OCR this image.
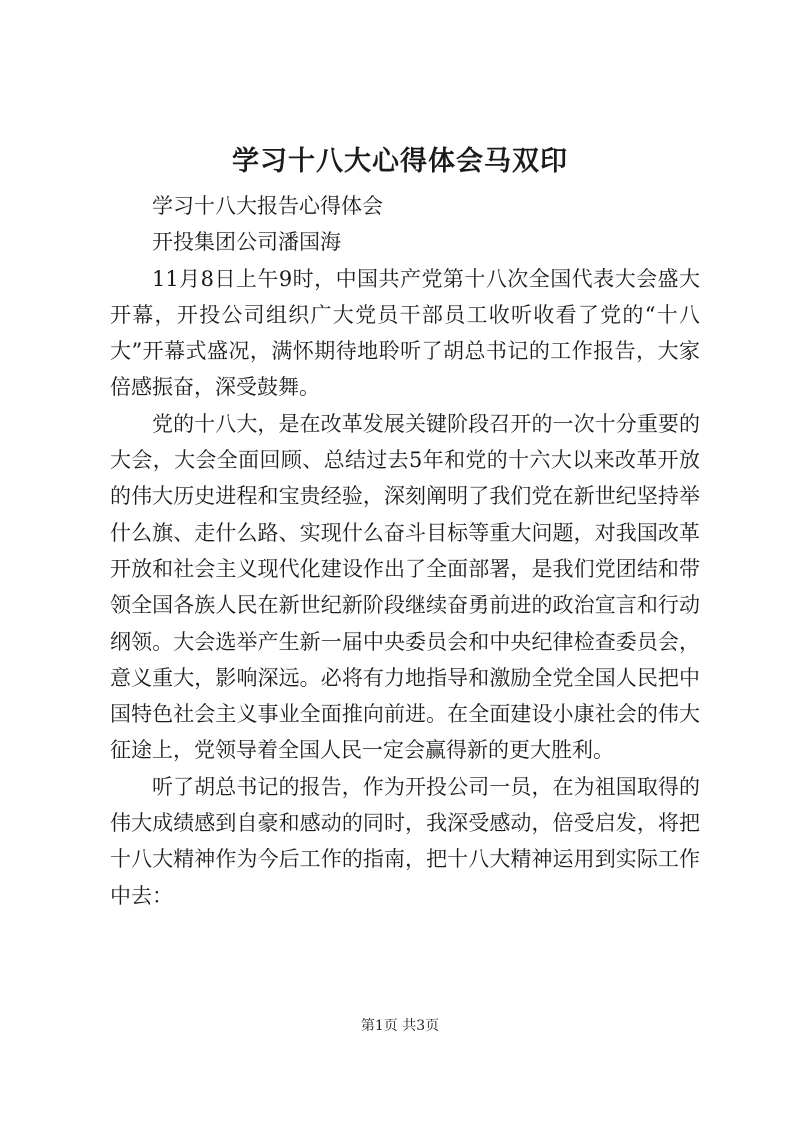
学习十八大心得体会马双印

学习十八大报告心得体会

开投集团公司潘国海

11月8日上午9时，中国共产党第十八次全国代表大会盛大开幕，开投公司组织广大党员干部员工收听收看了党的“十八大”开幕式盛况，满怀期待地聆听了胡总书记的工作报告，大家倍感振奋，深受鼓舞。

党的十八大，是在改革发展关键阶段召开的一次十分重要的大会，大会全面回顾、总结过去5年和党的十六大以来改革开放的伟大历史进程和宝贵经验，深刻阐明了我们党在新世纪坚持举什么旗、走什么路、实现什么奋斗目标等重大问题，对我国改革开放和社会主义现代化建设作出了全面部署，是我们党团结和带领全国各族人民在新世纪新阶段继续奋勇前进的政治宣言和行动纲领。大会选举产生新一届中央委员会和中央纪律检查委员会，意义重大，影响深远。必将有力地指导和激励全党全国人民把中国特色社会主义事业全面推向前进。在全面建设小康社会的伟大征途上，党领导着全国人民一定会赢得新的更大胜利。

听了胡总书记的报告，作为开投公司一员，在为祖国取得的伟大成绩感到自豪和感动的同时，我深受感动，倍受启发，将把十八大精神作为今后工作的指南，把十八大精神运用到实际工作中去：

第1页 共3页
